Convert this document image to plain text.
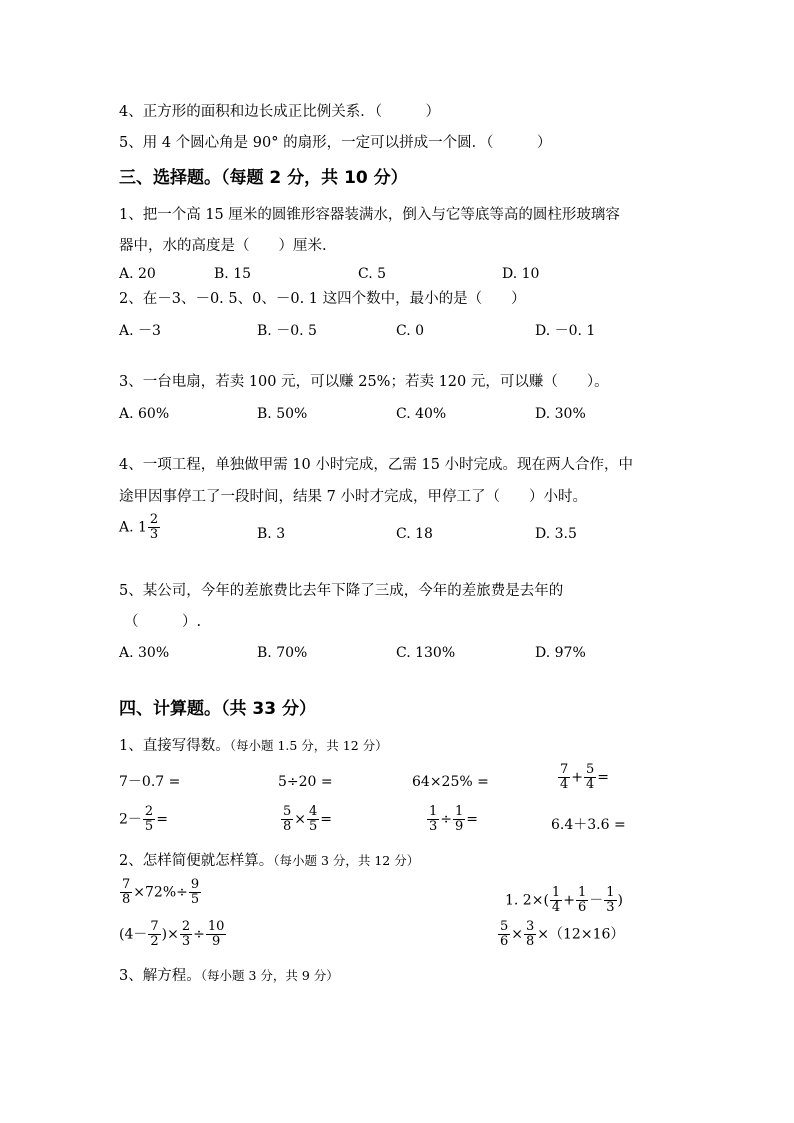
4、正方形的面积和边长成正比例关系．（　　　）
5、用 4 个圆心角是 90° 的扇形，一定可以拼成一个圆．（　　　）
三、选择题。（每题 2 分，共 10 分）
1、把一个高 15 厘米的圆锥形容器装满水，倒入与它等底等高的圆柱形玻璃容
器中，水的高度是（　　）厘米.
A. 20	B. 15	C. 5	D. 10
2、在－3、－0. 5、0、－0. 1 这四个数中，最小的是（　　）
A. －3	B. －0. 5	C. 0	D. －0. 1
3、一台电扇，若卖 100 元，可以赚 25%；若卖 120 元，可以赚（　　）。
A. 60%	B. 50%	C. 40%	D. 30%
4、一项工程，单独做甲需 10 小时完成，乙需 15 小时完成。现在两人合作，中
途甲因事停工了一段时间，结果 7 小时才完成，甲停工了（　　）小时。
A. $1 \frac{2}{3}$	B. 3	C. 18	D. 3.5
5、某公司，今年的差旅费比去年下降了三成，今年的差旅费是去年的
（　　　）.
A. 30%	B. 70%	C. 130%	D. 97%
四、计算题。（共 33 分）
1、直接写得数。（每小题 1.5 分，共 12 分）
7－0.7 =	5÷20 =	64×25% =	$\frac{7}{4} + \frac{5}{4}$ =
$2- \frac{2}{5}$ =	$\frac{5}{8} \times \frac{4}{5}$ =	$\frac{1}{3} \div \frac{1}{9}$ =	6.4＋3.6 =
2、怎样简便就怎样算。（每小题 3 分，共 12 分）
$\frac{7}{8} \times 72\%\div \frac{9}{5}$	1. $2\times( \frac{1}{4} + \frac{1}{6} - \frac{1}{3}$ )
($4- \frac{7}{2}$ )× $\frac{2}{3} \div \frac{10}{9}$	$\frac{5}{6} \times \frac{3}{8} \times(12\times 16)$
3、解方程。（每小题 3 分，共 9 分）
